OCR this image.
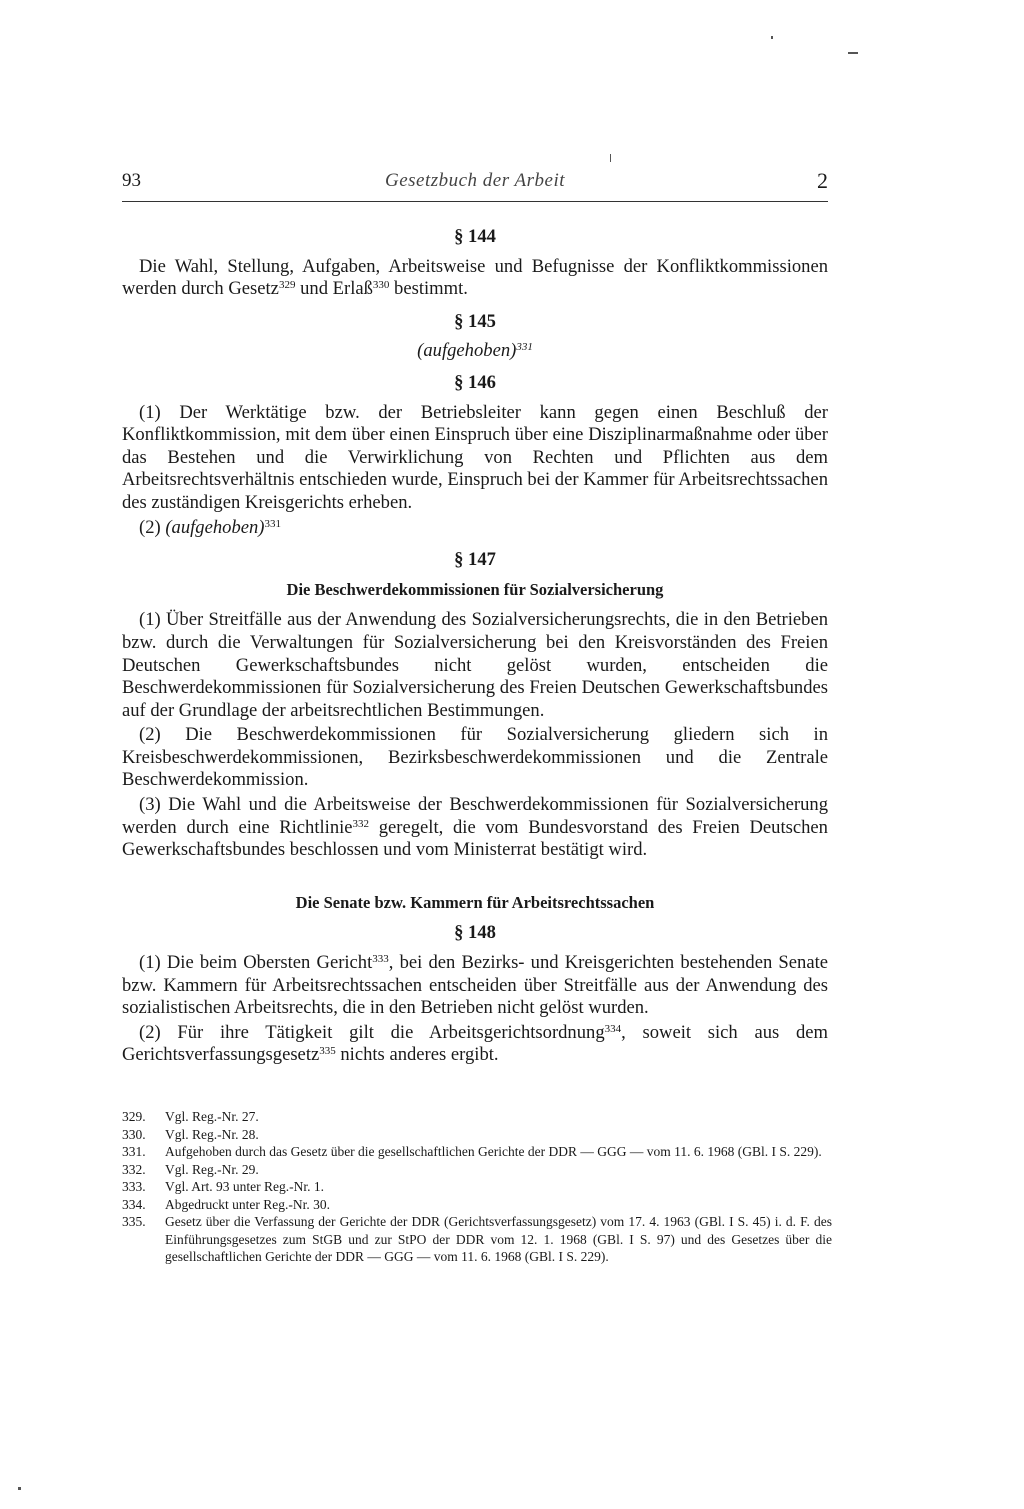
93	Gesetzbuch der Arbeit	2
§ 144

Die Wahl, Stellung, Aufgaben, Arbeitsweise und Befugnisse der Konfliktkommissionen werden durch Gesetz$^{329}$ und Erlaß$^{330}$ bestimmt.

§ 145
(aufgehoben)$^{331}$
§ 146

(1) Der Werktätige bzw. der Betriebsleiter kann gegen einen Beschluß der Konfliktkommission, mit dem über einen Einspruch über eine Disziplinarmaßnahme oder über das Bestehen und die Verwirklichung von Rechten und Pflichten aus dem Arbeitsrechtsverhältnis entschieden wurde, Einspruch bei der Kammer für Arbeitsrechtssachen des zuständigen Kreisgerichts erheben.

(2) (aufgehoben)$^{331}$

§ 147
Die Beschwerdekommissionen für Sozialversicherung

(1) Über Streitfälle aus der Anwendung des Sozialversicherungsrechts, die in den Betrieben bzw. durch die Verwaltungen für Sozialversicherung bei den Kreisvorständen des Freien Deutschen Gewerkschaftsbundes nicht gelöst wurden, entscheiden die Beschwerdekommissionen für Sozialversicherung des Freien Deutschen Gewerkschaftsbundes auf der Grundlage der arbeitsrechtlichen Bestimmungen.

(2) Die Beschwerdekommissionen für Sozialversicherung gliedern sich in Kreisbeschwerdekommissionen, Bezirksbeschwerdekommissionen und die Zentrale Beschwerdekommission.

(3) Die Wahl und die Arbeitsweise der Beschwerdekommissionen für Sozialversicherung werden durch eine Richtlinie$^{332}$ geregelt, die vom Bundesvorstand des Freien Deutschen Gewerkschaftsbundes beschlossen und vom Ministerrat bestätigt wird.

Die Senate bzw. Kammern für Arbeitsrechtssachen
§ 148

(1) Die beim Obersten Gericht$^{333}$, bei den Bezirks- und Kreisgerichten bestehenden Senate bzw. Kammern für Arbeitsrechtssachen entscheiden über Streitfälle aus der Anwendung des sozialistischen Arbeitsrechts, die in den Betrieben nicht gelöst wurden.

(2) Für ihre Tätigkeit gilt die Arbeitsgerichtsordnung$^{334}$, soweit sich aus dem Gerichtsverfassungsgesetz$^{335}$ nichts anderes ergibt.

329.	Vgl. Reg.-Nr. 27.
330.	Vgl. Reg.-Nr. 28.
331.	Aufgehoben durch das Gesetz über die gesellschaftlichen Gerichte der DDR — GGG — vom 11. 6. 1968 (GBl. I S. 229).
332.	Vgl. Reg.-Nr. 29.
333.	Vgl. Art. 93 unter Reg.-Nr. 1.
334.	Abgedruckt unter Reg.-Nr. 30.
335.	Gesetz über die Verfassung der Gerichte der DDR (Gerichtsverfassungsgesetz) vom 17. 4. 1963 (GBl. I S. 45) i. d. F. des Einführungsgesetzes zum StGB und zur StPO der DDR vom 12. 1. 1968 (GBl. I S. 97) und des Gesetzes über die gesellschaftlichen Gerichte der DDR — GGG — vom 11. 6. 1968 (GBl. I S. 229).
